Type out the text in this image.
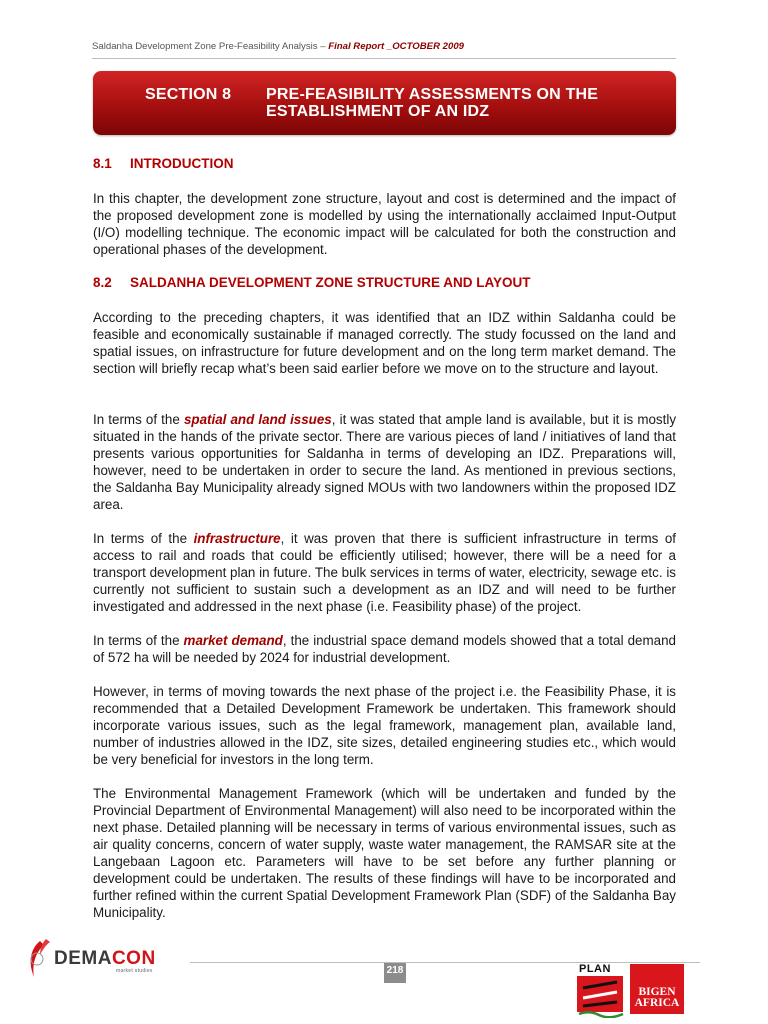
Saldanha Development Zone Pre-Feasibility Analysis – Final Report _OCTOBER 2009
SECTION 8 PRE-FEASIBILITY ASSESSMENTS ON THE ESTABLISHMENT OF AN IDZ
8.1 INTRODUCTION
In this chapter, the development zone structure, layout and cost is determined and the impact of the proposed development zone is modelled by using the internationally acclaimed Input-Output (I/O) modelling technique. The economic impact will be calculated for both the construction and operational phases of the development.
8.2 SALDANHA DEVELOPMENT ZONE STRUCTURE AND LAYOUT
According to the preceding chapters, it was identified that an IDZ within Saldanha could be feasible and economically sustainable if managed correctly. The study focussed on the land and spatial issues, on infrastructure for future development and on the long term market demand. The section will briefly recap what’s been said earlier before we move on to the structure and layout.
In terms of the spatial and land issues, it was stated that ample land is available, but it is mostly situated in the hands of the private sector. There are various pieces of land / initiatives of land that presents various opportunities for Saldanha in terms of developing an IDZ. Preparations will, however, need to be undertaken in order to secure the land. As mentioned in previous sections, the Saldanha Bay Municipality already signed MOUs with two landowners within the proposed IDZ area.
In terms of the infrastructure, it was proven that there is sufficient infrastructure in terms of access to rail and roads that could be efficiently utilised; however, there will be a need for a transport development plan in future. The bulk services in terms of water, electricity, sewage etc. is currently not sufficient to sustain such a development as an IDZ and will need to be further investigated and addressed in the next phase (i.e. Feasibility phase) of the project.
In terms of the market demand, the industrial space demand models showed that a total demand of 572 ha will be needed by 2024 for industrial development.
However, in terms of moving towards the next phase of the project i.e. the Feasibility Phase, it is recommended that a Detailed Development Framework be undertaken. This framework should incorporate various issues, such as the legal framework, management plan, available land, number of industries allowed in the IDZ, site sizes, detailed engineering studies etc., which would be very beneficial for investors in the long term.
The Environmental Management Framework (which will be undertaken and funded by the Provincial Department of Environmental Management) will also need to be incorporated within the next phase. Detailed planning will be necessary in terms of various environmental issues, such as air quality concerns, concern of water supply, waste water management, the RAMSAR site at the Langebaan Lagoon etc. Parameters will have to be set before any further planning or development could be undertaken. The results of these findings will have to be incorporated and further refined within the current Spatial Development Framework Plan (SDF) of the Saldanha Bay Municipality.
218
DEMACON
market studies	PLAN
BIGEN
AFRICA
